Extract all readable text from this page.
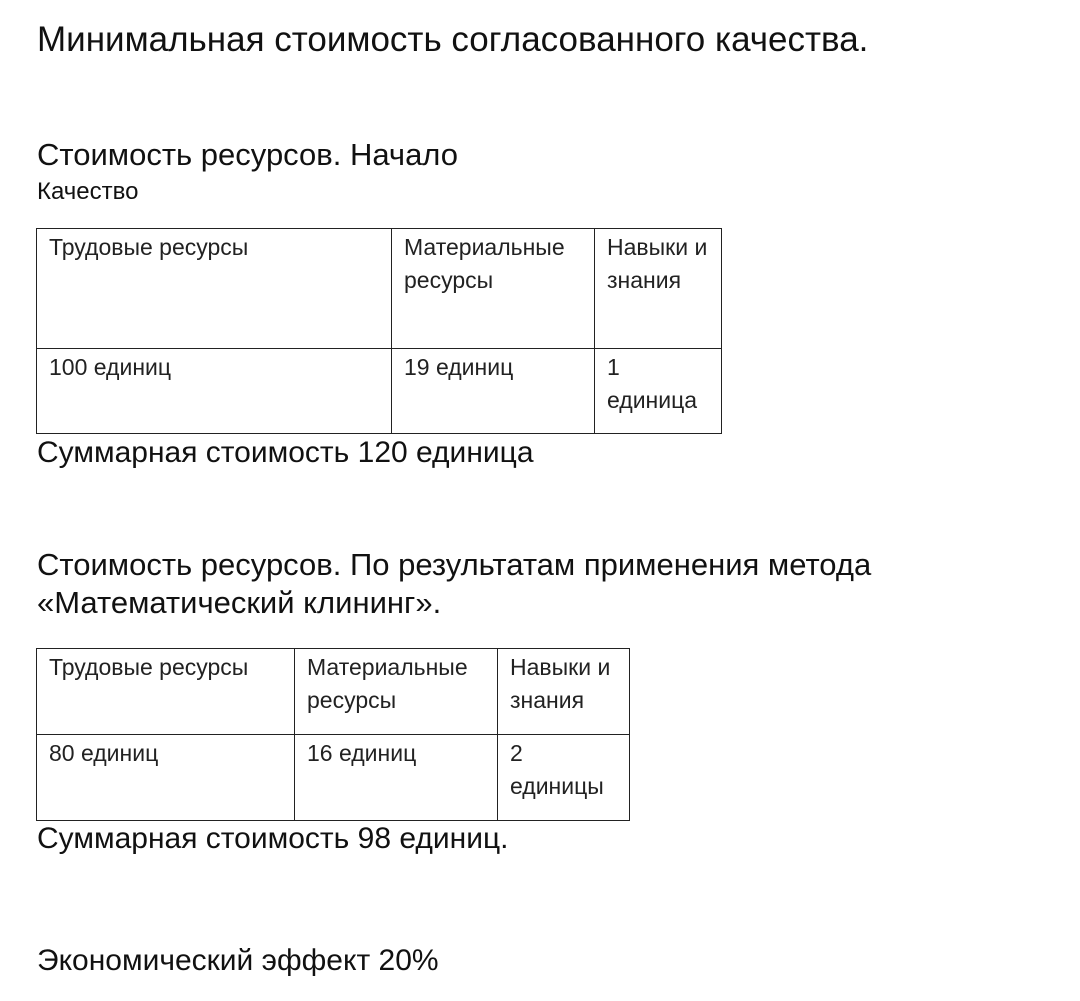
Минимальная стоимость согласованного качества.
Стоимость ресурсов. Начало
Качество
Трудовые ресурсы	Материальные ресурсы	Навыки и знания
100 единиц	19 единиц	1 единица
Суммарная стоимость 120 единица
Стоимость ресурсов. По результатам применения метода «Математический клининг».
Трудовые ресурсы	Материальные ресурсы	Навыки и знания
80 единиц	16 единиц	2 единицы
Суммарная стоимость 98 единиц.
Экономический эффект 20%
